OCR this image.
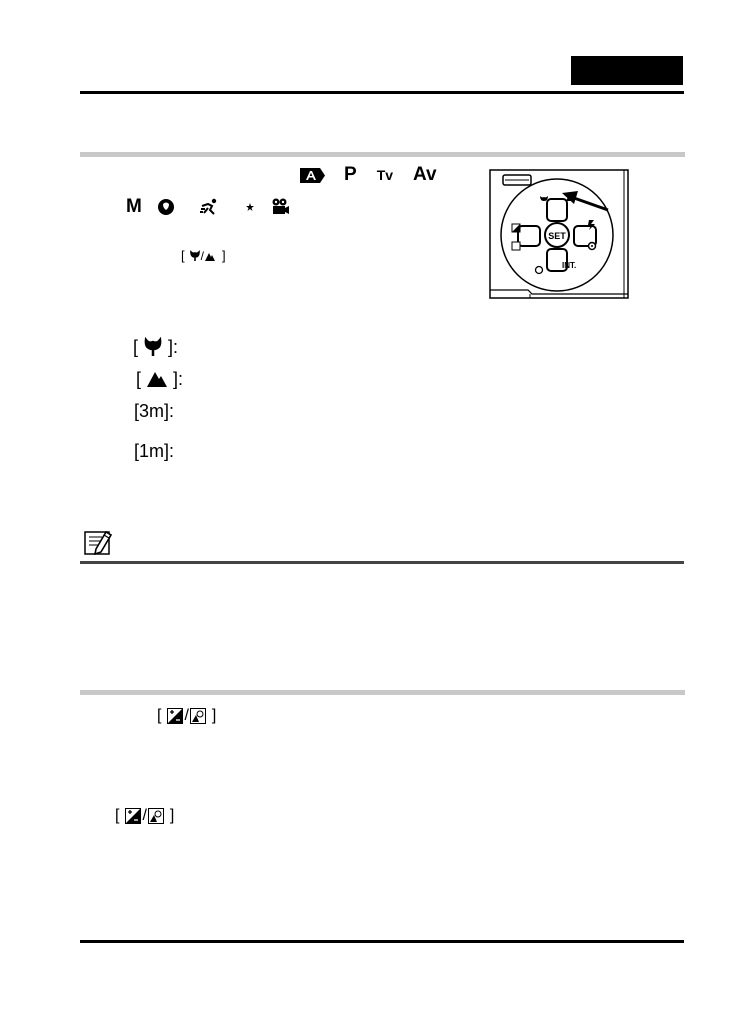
P Tv Av
M
[ / ]
SET
INT.
[ ]:
[ ]:
[3m]:
[1m]:
[ / ]
[ / ]
